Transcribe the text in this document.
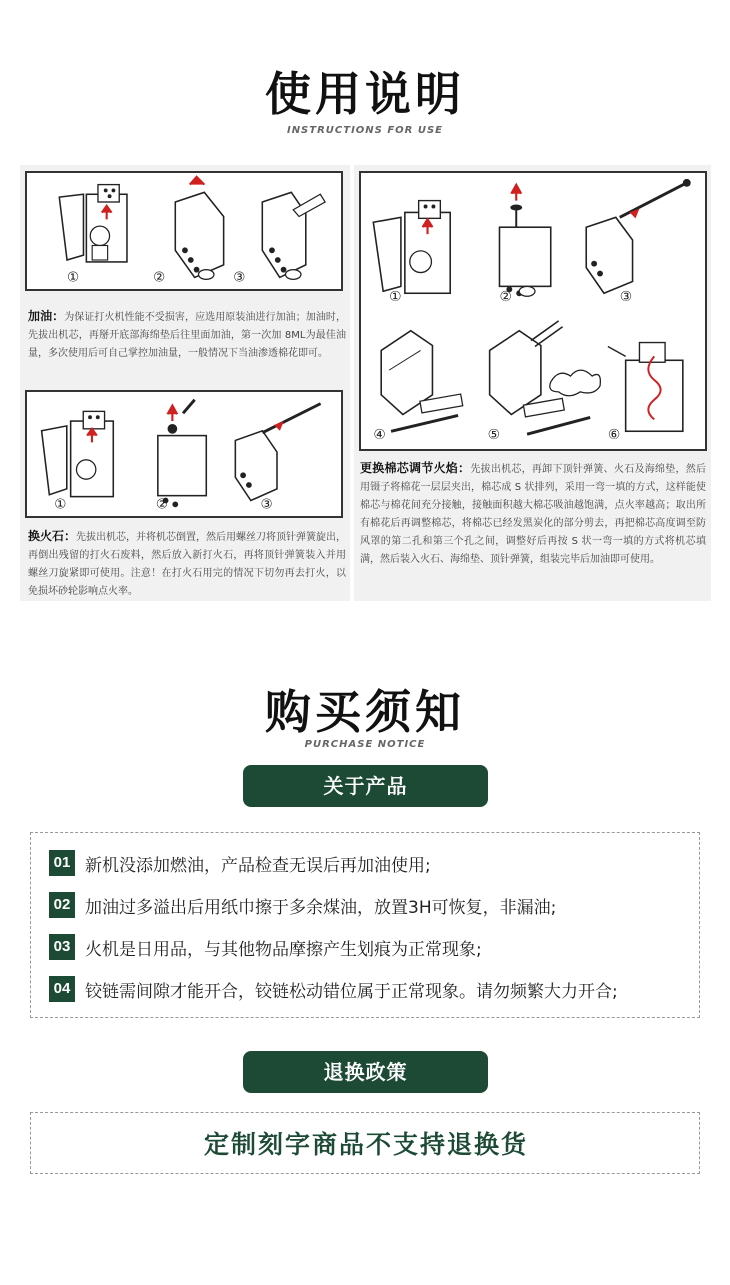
使用说明
INSTRUCTIONS FOR USE
①	②	③
加油：为保证打火机性能不受损害，应选用原装油进行加油；加油时，先拔出机芯，再掰开底部海绵垫后往里面加油，第一次加 8ML为最佳油量，多次使用后可自己掌控加油量，一般情况下当油渗透棉花即可。
①	②	③
换火石：先拔出机芯，并将机芯倒置，然后用螺丝刀将顶针弹簧旋出，再倒出残留的打火石废料，然后放入新打火石，再将顶针弹簧装入并用螺丝刀旋紧即可使用。注意！在打火石用完的情况下切勿再去打火，以免损坏砂轮影响点火率。
①	②	③
④	⑤	⑥
更换棉芯调节火焰：先拔出机芯，再卸下顶针弹簧、火石及海绵垫，然后用镊子将棉花一层层夹出，棉芯成 S 状排列，采用一弯一填的方式，这样能使棉芯与棉花间充分接触，接触面积越大棉芯吸油越饱满，点火率越高；取出所有棉花后再调整棉芯，将棉芯已经发黑炭化的部分剪去，再把棉芯高度调至防风罩的第二孔和第三个孔之间，调整好后再按 S 状一弯一填的方式将机芯填满，然后装入火石、海绵垫、顶针弹簧，组装完毕后加油即可使用。
购买须知
PURCHASE NOTICE
关于产品
01 新机没添加燃油，产品检查无误后再加油使用;
02 加油过多溢出后用纸巾擦于多余煤油，放置3H可恢复，非漏油;
03 火机是日用品，与其他物品摩擦产生划痕为正常现象;
04 铰链需间隙才能开合，铰链松动错位属于正常现象。请勿频繁大力开合;
退换政策
定制刻字商品不支持退换货
